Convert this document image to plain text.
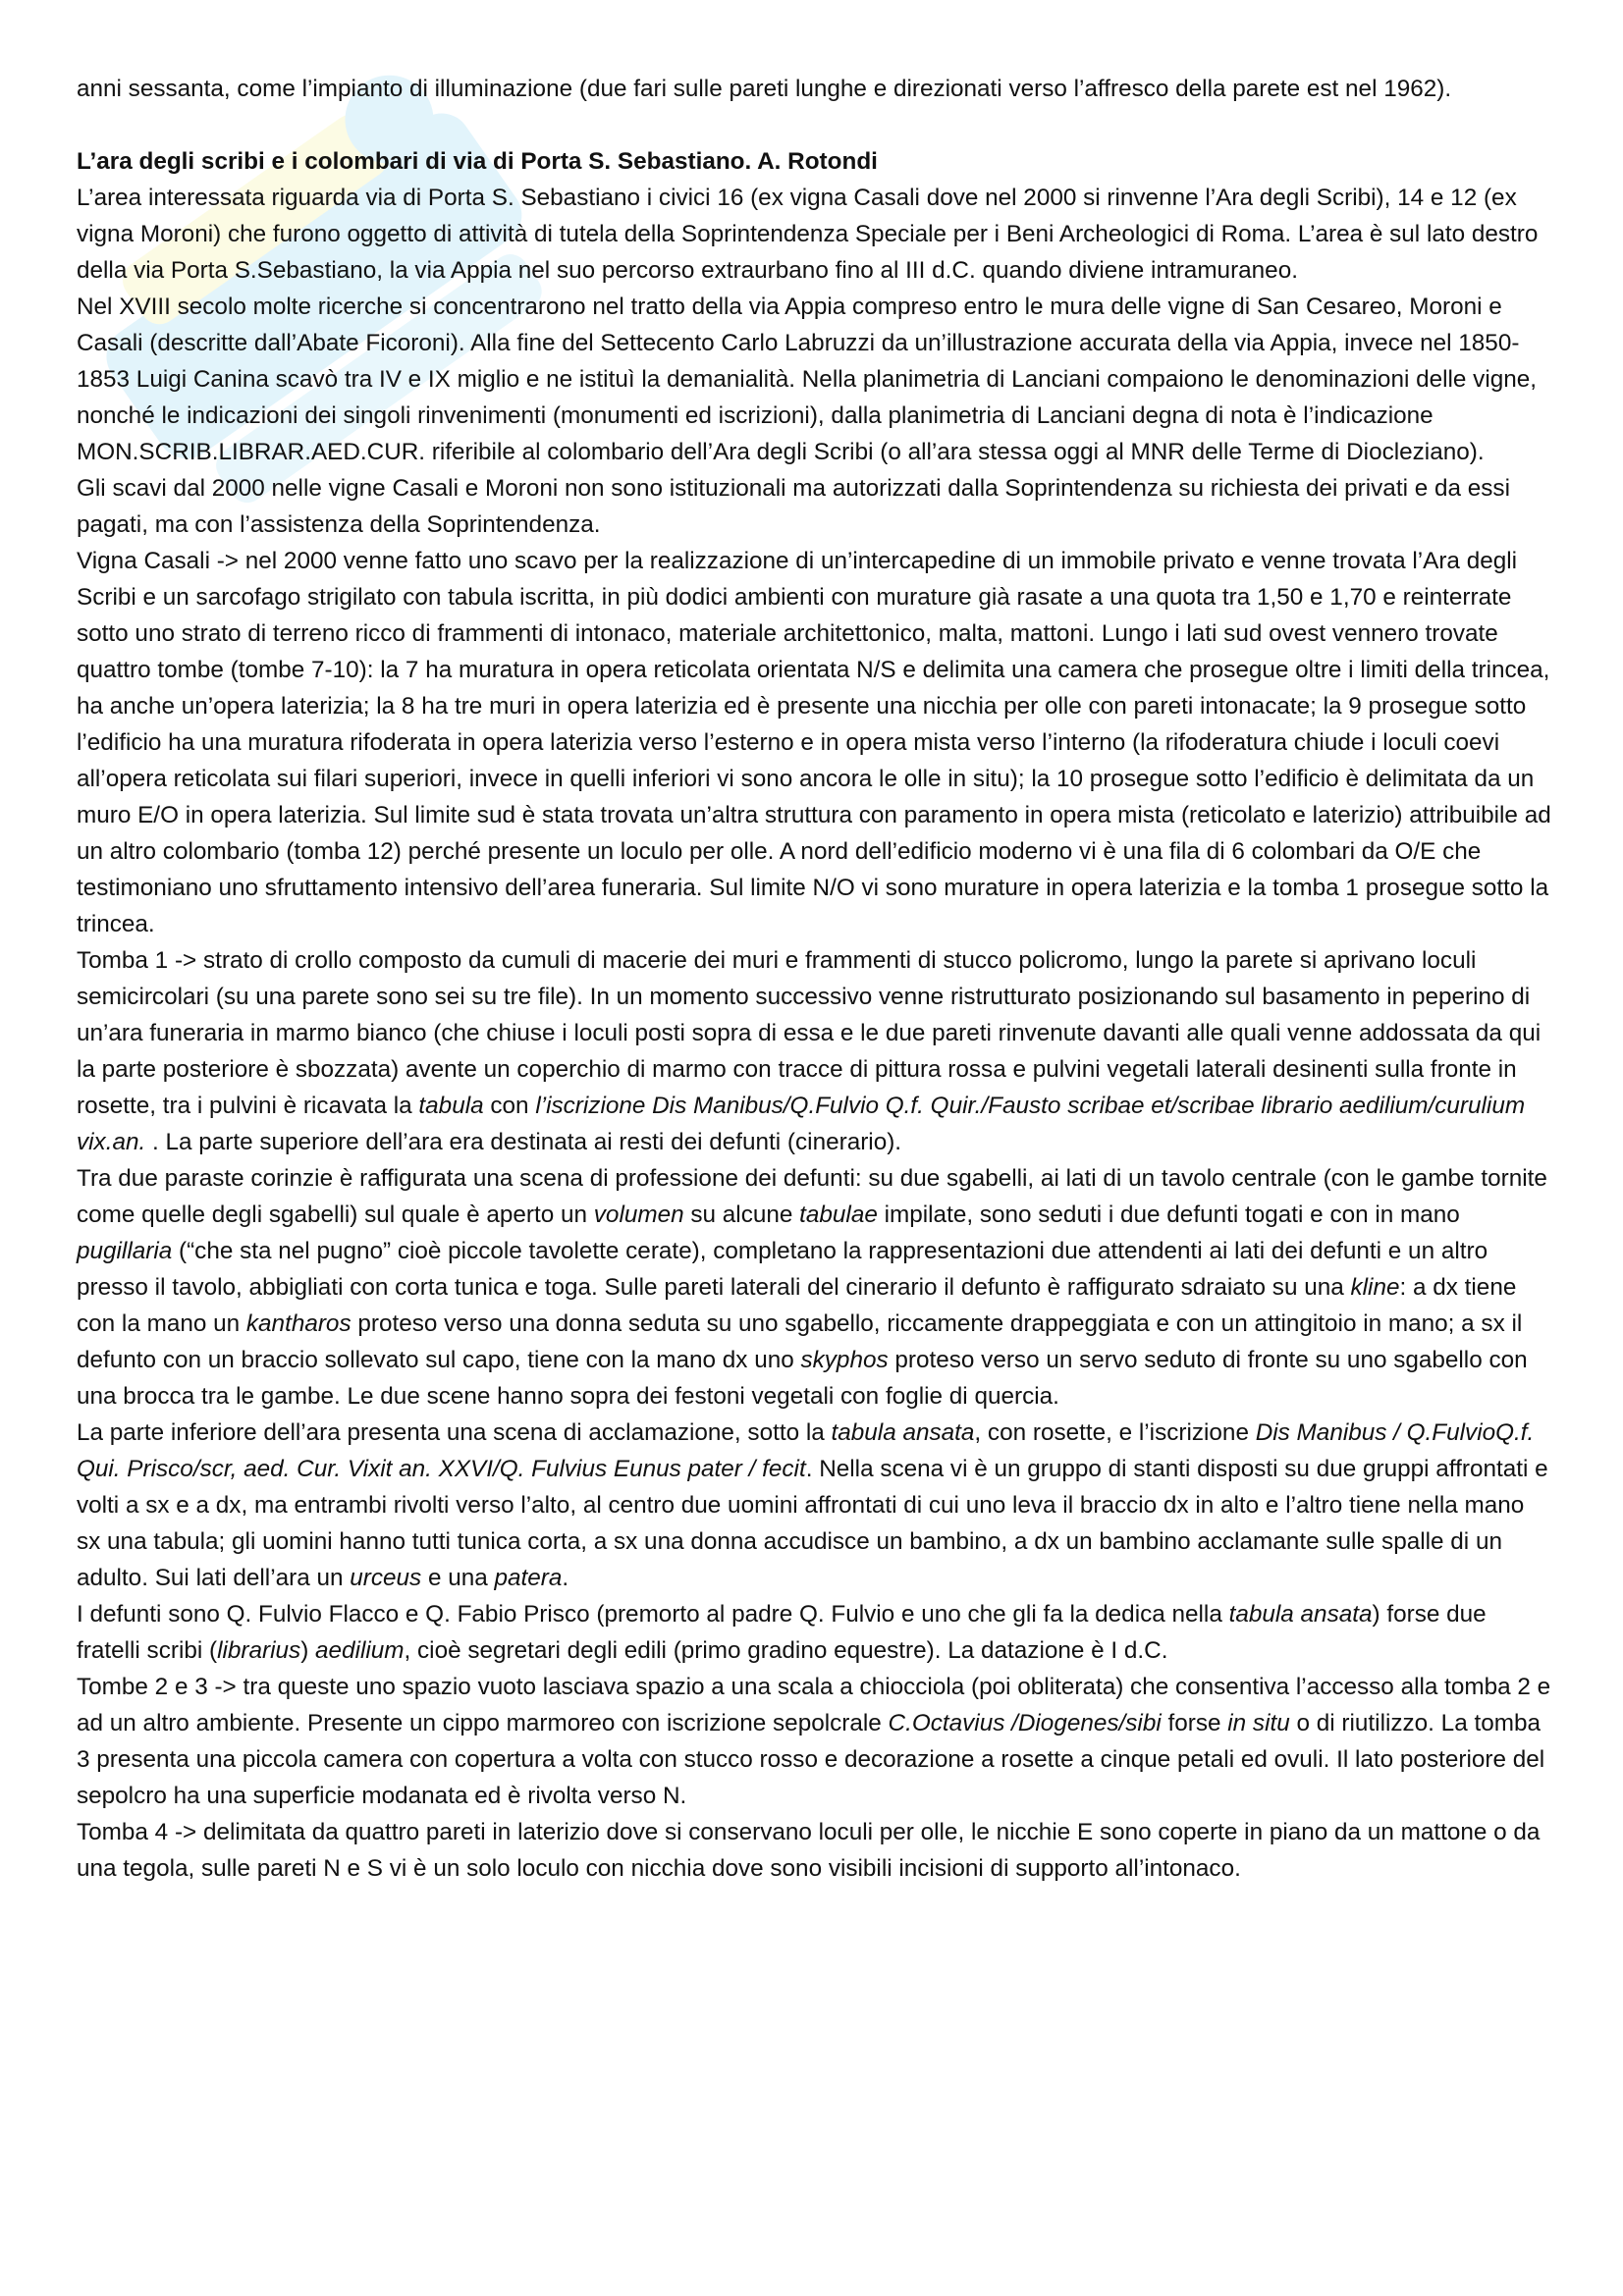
anni sessanta, come l’impianto di illuminazione (due fari sulle pareti lunghe e direzionati verso l’affresco della parete est nel 1962).

L’ara degli scribi e i colombari di via di Porta S. Sebastiano. A. Rotondi

L’area interessata riguarda via di Porta S. Sebastiano i civici 16 (ex vigna Casali dove nel 2000 si rinvenne l’Ara degli Scribi), 14 e 12 (ex vigna Moroni) che furono oggetto di attività di tutela della Soprintendenza Speciale per i Beni Archeologici di Roma. L’area è sul lato destro della via Porta S.Sebastiano, la via Appia nel suo percorso extraurbano fino al III d.C. quando diviene intramuraneo.

Nel XVIII secolo molte ricerche si concentrarono nel tratto della via Appia compreso entro le mura delle vigne di San Cesareo, Moroni e Casali (descritte dall’Abate Ficoroni). Alla fine del Settecento Carlo Labruzzi da un’illustrazione accurata della via Appia, invece nel 1850-1853 Luigi Canina scavò tra IV e IX miglio e ne istituì la demanialità. Nella planimetria di Lanciani compaiono le denominazioni delle vigne, nonché le indicazioni dei singoli rinvenimenti (monumenti ed iscrizioni), dalla planimetria di Lanciani degna di nota è l’indicazione MON.SCRIB.LIBRAR.AED.CUR. riferibile al colombario dell’Ara degli Scribi (o all’ara stessa oggi al MNR delle Terme di Diocleziano).

Gli scavi dal 2000 nelle vigne Casali e Moroni non sono istituzionali ma autorizzati dalla Soprintendenza su richiesta dei privati e da essi pagati, ma con l’assistenza della Soprintendenza.

Vigna Casali -> nel 2000 venne fatto uno scavo per la realizzazione di un’intercapedine di un immobile privato e venne trovata l’Ara degli Scribi e un sarcofago strigilato con tabula iscritta, in più dodici ambienti con murature già rasate a una quota tra 1,50 e 1,70 e reinterrate sotto uno strato di terreno ricco di frammenti di intonaco, materiale architettonico, malta, mattoni. Lungo i lati sud ovest vennero trovate quattro tombe (tombe 7-10): la 7 ha muratura in opera reticolata orientata N/S e delimita una camera che prosegue oltre i limiti della trincea, ha anche un’opera laterizia; la 8 ha tre muri in opera laterizia ed è presente una nicchia per olle con pareti intonacate; la 9 prosegue sotto l’edificio ha una muratura rifoderata in opera laterizia verso l’esterno e in opera mista verso l’interno (la rifoderatura chiude i loculi coevi all’opera reticolata sui filari superiori, invece in quelli inferiori vi sono ancora le olle in situ); la 10 prosegue sotto l’edificio è delimitata da un muro E/O in opera laterizia. Sul limite sud è stata trovata un’altra struttura con paramento in opera mista (reticolato e laterizio) attribuibile ad un altro colombario (tomba 12) perché presente un loculo per olle. A nord dell’edificio moderno vi è una fila di 6 colombari da O/E che testimoniano uno sfruttamento intensivo dell’area funeraria. Sul limite N/O vi sono murature in opera laterizia e la tomba 1 prosegue sotto la trincea.

Tomba 1 -> strato di crollo composto da cumuli di macerie dei muri e frammenti di stucco policromo, lungo la parete si aprivano loculi semicircolari (su una parete sono sei su tre file). In un momento successivo venne ristrutturato posizionando sul basamento in peperino di un’ara funeraria in marmo bianco (che chiuse i loculi posti sopra di essa e le due pareti rinvenute davanti alle quali venne addossata da qui la parte posteriore è sbozzata) avente un coperchio di marmo con tracce di pittura rossa e pulvini vegetali laterali desinenti sulla fronte in rosette, tra i pulvini è ricavata la tabula con l’iscrizione Dis Manibus/Q.Fulvio Q.f. Quir./Fausto scribae et/scribae librario aedilium/curulium vix.an. . La parte superiore dell’ara era destinata ai resti dei defunti (cinerario).

Tra due paraste corinzie è raffigurata una scena di professione dei defunti: su due sgabelli, ai lati di un tavolo centrale (con le gambe tornite come quelle degli sgabelli) sul quale è aperto un volumen su alcune tabulae impilate, sono seduti i due defunti togati e con in mano pugillaria (“che sta nel pugno” cioè piccole tavolette cerate), completano la rappresentazioni due attendenti ai lati dei defunti e un altro presso il tavolo, abbigliati con corta tunica e toga. Sulle pareti laterali del cinerario il defunto è raffigurato sdraiato su una kline: a dx tiene con la mano un kantharos proteso verso una donna seduta su uno sgabello, riccamente drappeggiata e con un attingitoio in mano; a sx il defunto con un braccio sollevato sul capo, tiene con la mano dx uno skyphos proteso verso un servo seduto di fronte su uno sgabello con una brocca tra le gambe. Le due scene hanno sopra dei festoni vegetali con foglie di quercia.

La parte inferiore dell’ara presenta una scena di acclamazione, sotto la tabula ansata, con rosette, e l’iscrizione Dis Manibus / Q.FulvioQ.f. Qui. Prisco/scr, aed. Cur. Vixit an. XXVI/Q. Fulvius Eunus pater / fecit. Nella scena vi è un gruppo di stanti disposti su due gruppi affrontati e volti a sx e a dx, ma entrambi rivolti verso l’alto, al centro due uomini affrontati di cui uno leva il braccio dx in alto e l’altro tiene nella mano sx una tabula; gli uomini hanno tutti tunica corta, a sx una donna accudisce un bambino, a dx un bambino acclamante sulle spalle di un adulto. Sui lati dell’ara un urceus e una patera.

I defunti sono Q. Fulvio Flacco e Q. Fabio Prisco (premorto al padre Q. Fulvio e uno che gli fa la dedica nella tabula ansata) forse due fratelli scribi (librarius) aedilium, cioè segretari degli edili (primo gradino equestre). La datazione è I d.C.

Tombe 2 e 3 -> tra queste uno spazio vuoto lasciava spazio a una scala a chiocciola (poi obliterata) che consentiva l’accesso alla tomba 2 e ad un altro ambiente. Presente un cippo marmoreo con iscrizione sepolcrale C.Octavius /Diogenes/sibi forse in situ o di riutilizzo. La tomba 3 presenta una piccola camera con copertura a volta con stucco rosso e decorazione a rosette a cinque petali ed ovuli. Il lato posteriore del sepolcro ha una superficie modanata ed è rivolta verso N.

Tomba 4 -> delimitata da quattro pareti in laterizio dove si conservano loculi per olle, le nicchie E sono coperte in piano da un mattone o da una tegola, sulle pareti N e S vi è un solo loculo con nicchia dove sono visibili incisioni di supporto all’intonaco.
